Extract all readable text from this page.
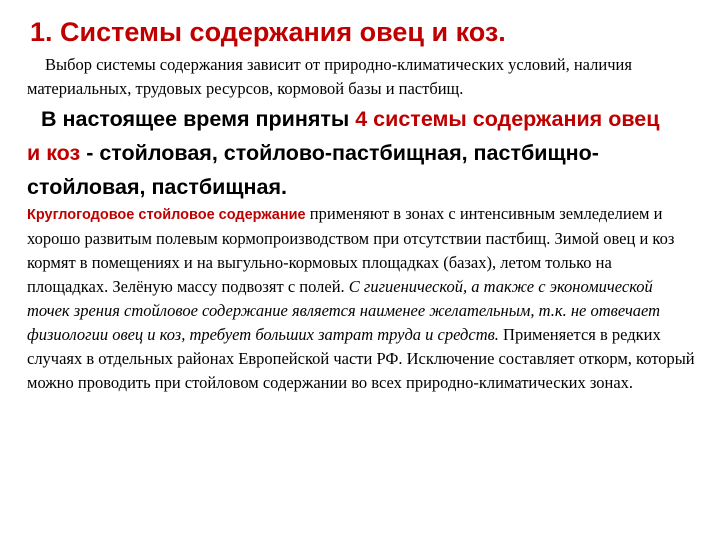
1. Системы содержания овец и коз.

Выбор системы содержания зависит от природно-климатических условий, наличия материальных, трудовых ресурсов, кормовой базы и пастбищ.

В настоящее время приняты 4 системы содержания овец и коз - стойловая, стойлово-пастбищная, пастбищно-стойловая, пастбищная.

Круглогодовое стойловое содержание применяют в зонах с интенсивным земледелием и хорошо развитым полевым кормопроизводством при отсутствии пастбищ. Зимой овец и коз кормят в помещениях и на выгульно-кормовых площадках (базах), летом только на площадках. Зелёную массу подвозят с полей. С гигиенической, а также с экономической точек зрения стойловое содержание является наименее желательным, т.к. не отвечает физиологии овец и коз, требует больших затрат труда и средств. Применяется в редких случаях в отдельных районах Европейской части РФ. Исключение составляет откорм, который можно проводить при стойловом содержании во всех природно-климатических зонах.
